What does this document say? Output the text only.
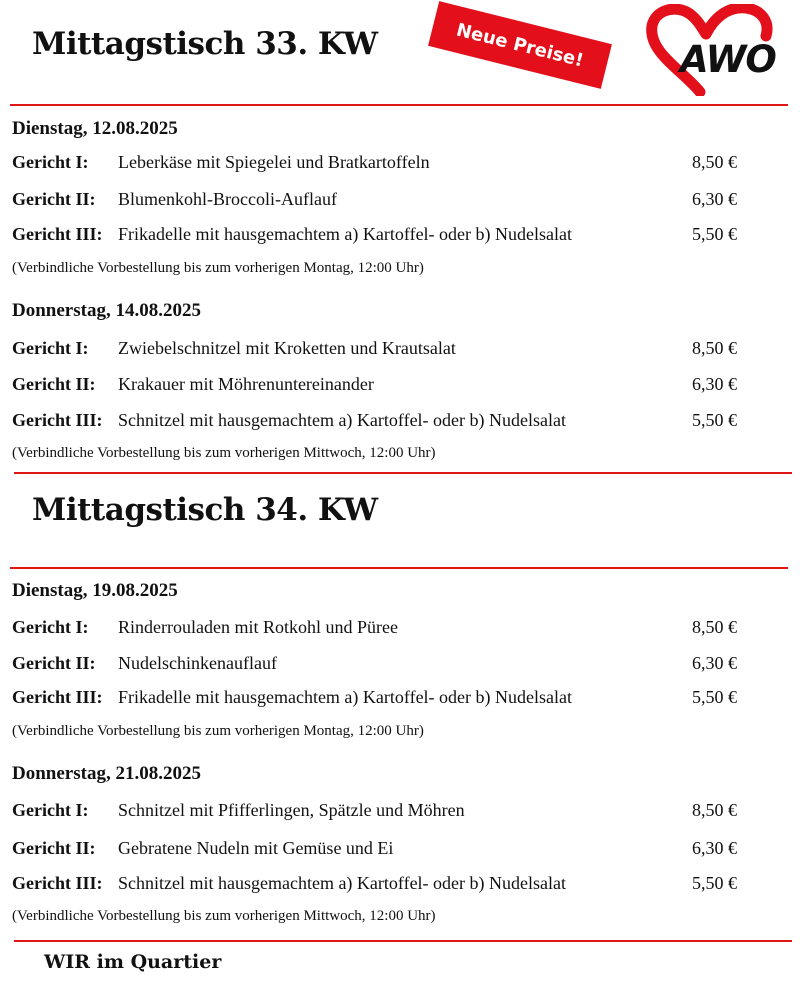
Mittagstisch 33. KW	Neue Preise!	AWO
Dienstag, 12.08.2025
Gericht I: Leberkäse mit Spiegelei und Bratkartoffeln	8,50 €
Gericht II: Blumenkohl-Broccoli-Auflauf	6,30 €
Gericht III: Frikadelle mit hausgemachtem a) Kartoffel- oder b) Nudelsalat	5,50 €
(Verbindliche Vorbestellung bis zum vorherigen Montag, 12:00 Uhr)
Donnerstag, 14.08.2025
Gericht I: Zwiebelschnitzel mit Kroketten und Krautsalat	8,50 €
Gericht II: Krakauer mit Möhrenuntereinander	6,30 €
Gericht III: Schnitzel mit hausgemachtem a) Kartoffel- oder b) Nudelsalat	5,50 €
(Verbindliche Vorbestellung bis zum vorherigen Mittwoch, 12:00 Uhr)
Mittagstisch 34. KW
Dienstag, 19.08.2025
Gericht I: Rinderrouladen mit Rotkohl und Püree	8,50 €
Gericht II: Nudelschinkenauflauf	6,30 €
Gericht III: Frikadelle mit hausgemachtem a) Kartoffel- oder b) Nudelsalat	5,50 €
(Verbindliche Vorbestellung bis zum vorherigen Montag, 12:00 Uhr)
Donnerstag, 21.08.2025
Gericht I: Schnitzel mit Pfifferlingen, Spätzle und Möhren	8,50 €
Gericht II: Gebratene Nudeln mit Gemüse und Ei	6,30 €
Gericht III: Schnitzel mit hausgemachtem a) Kartoffel- oder b) Nudelsalat	5,50 €
(Verbindliche Vorbestellung bis zum vorherigen Mittwoch, 12:00 Uhr)
WIR im Quartier
